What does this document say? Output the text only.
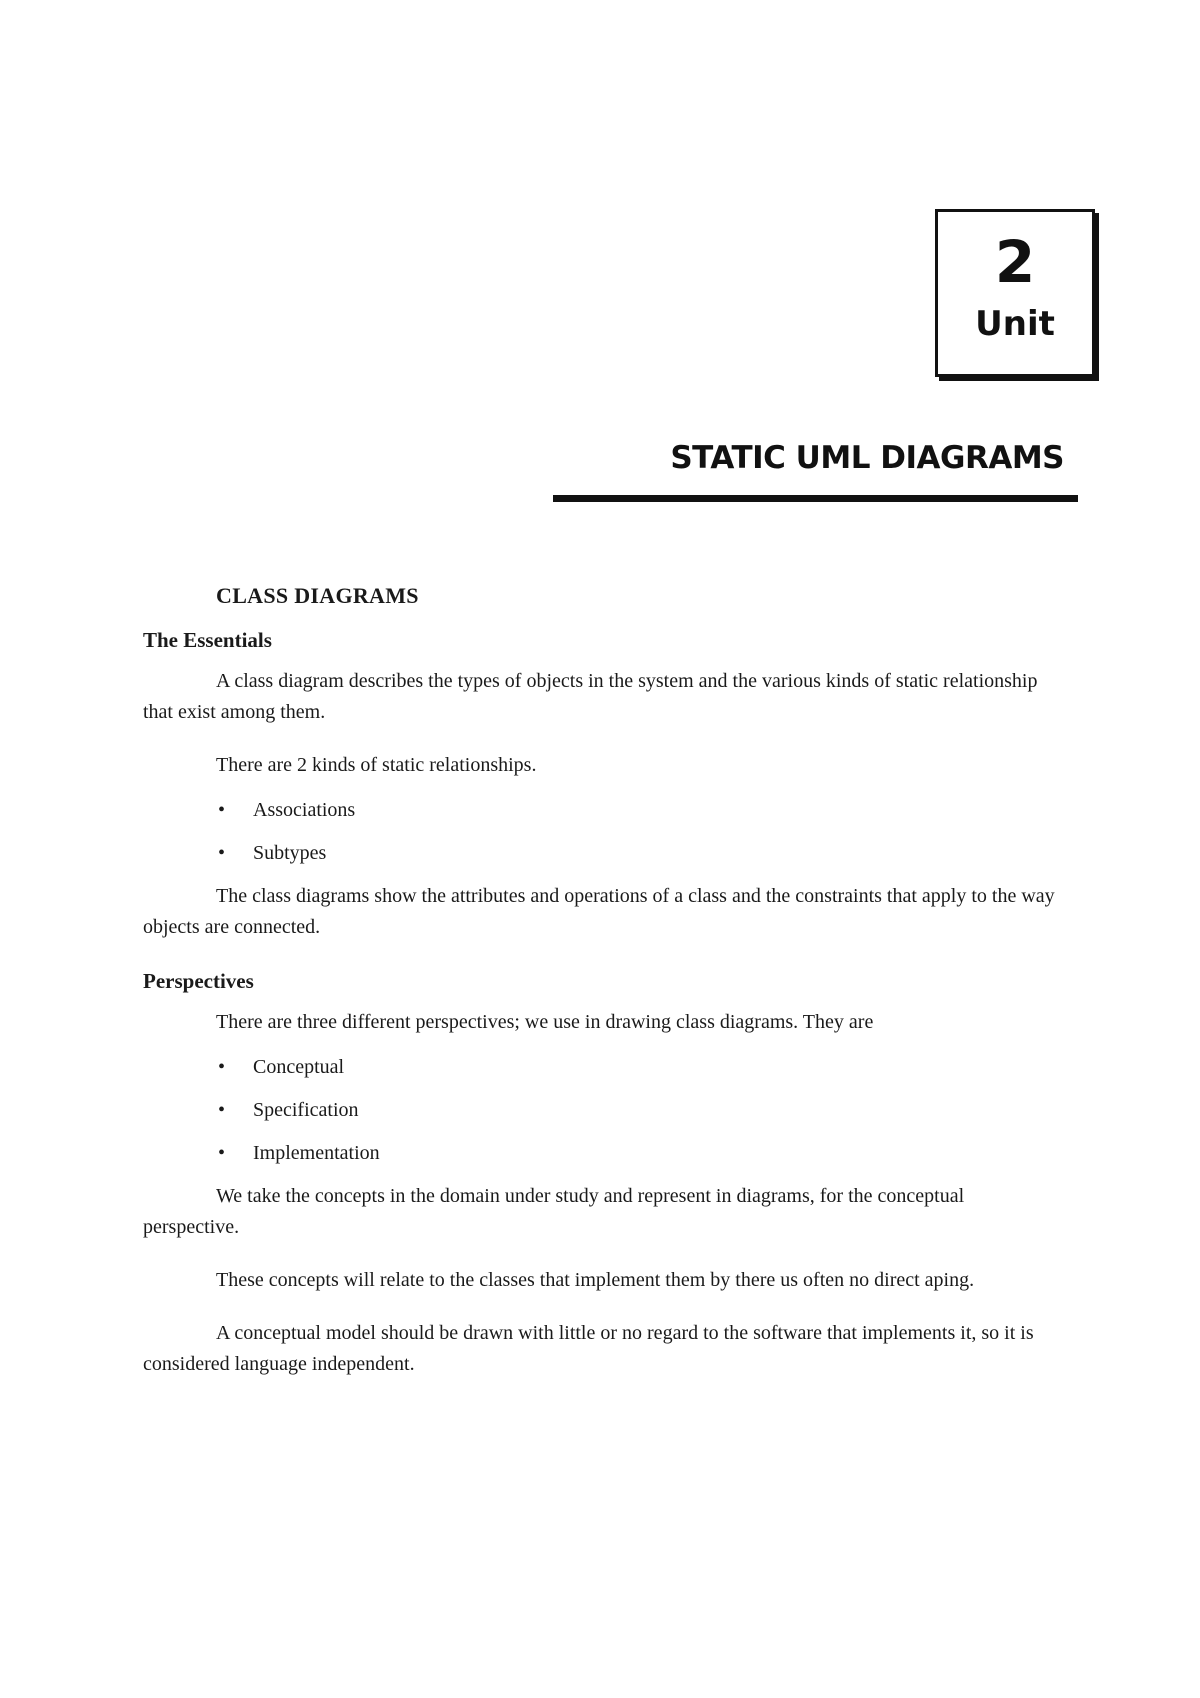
2
Unit
STATIC UML DIAGRAMS
CLASS DIAGRAMS
The Essentials

A class diagram describes the types of objects in the system and the various kinds of static relationship that exist among them.

There are 2 kinds of static relationships.

• Associations
• Subtypes

The class diagrams show the attributes and operations of a class and the constraints that apply to the way objects are connected.

Perspectives

There are three different perspectives; we use in drawing class diagrams. They are

• Conceptual
• Specification
• Implementation

We take the concepts in the domain under study and represent in diagrams, for the conceptual perspective.

These concepts will relate to the classes that implement them by there us often no direct aping.

A conceptual model should be drawn with little or no regard to the software that implements it, so it is considered language independent.
